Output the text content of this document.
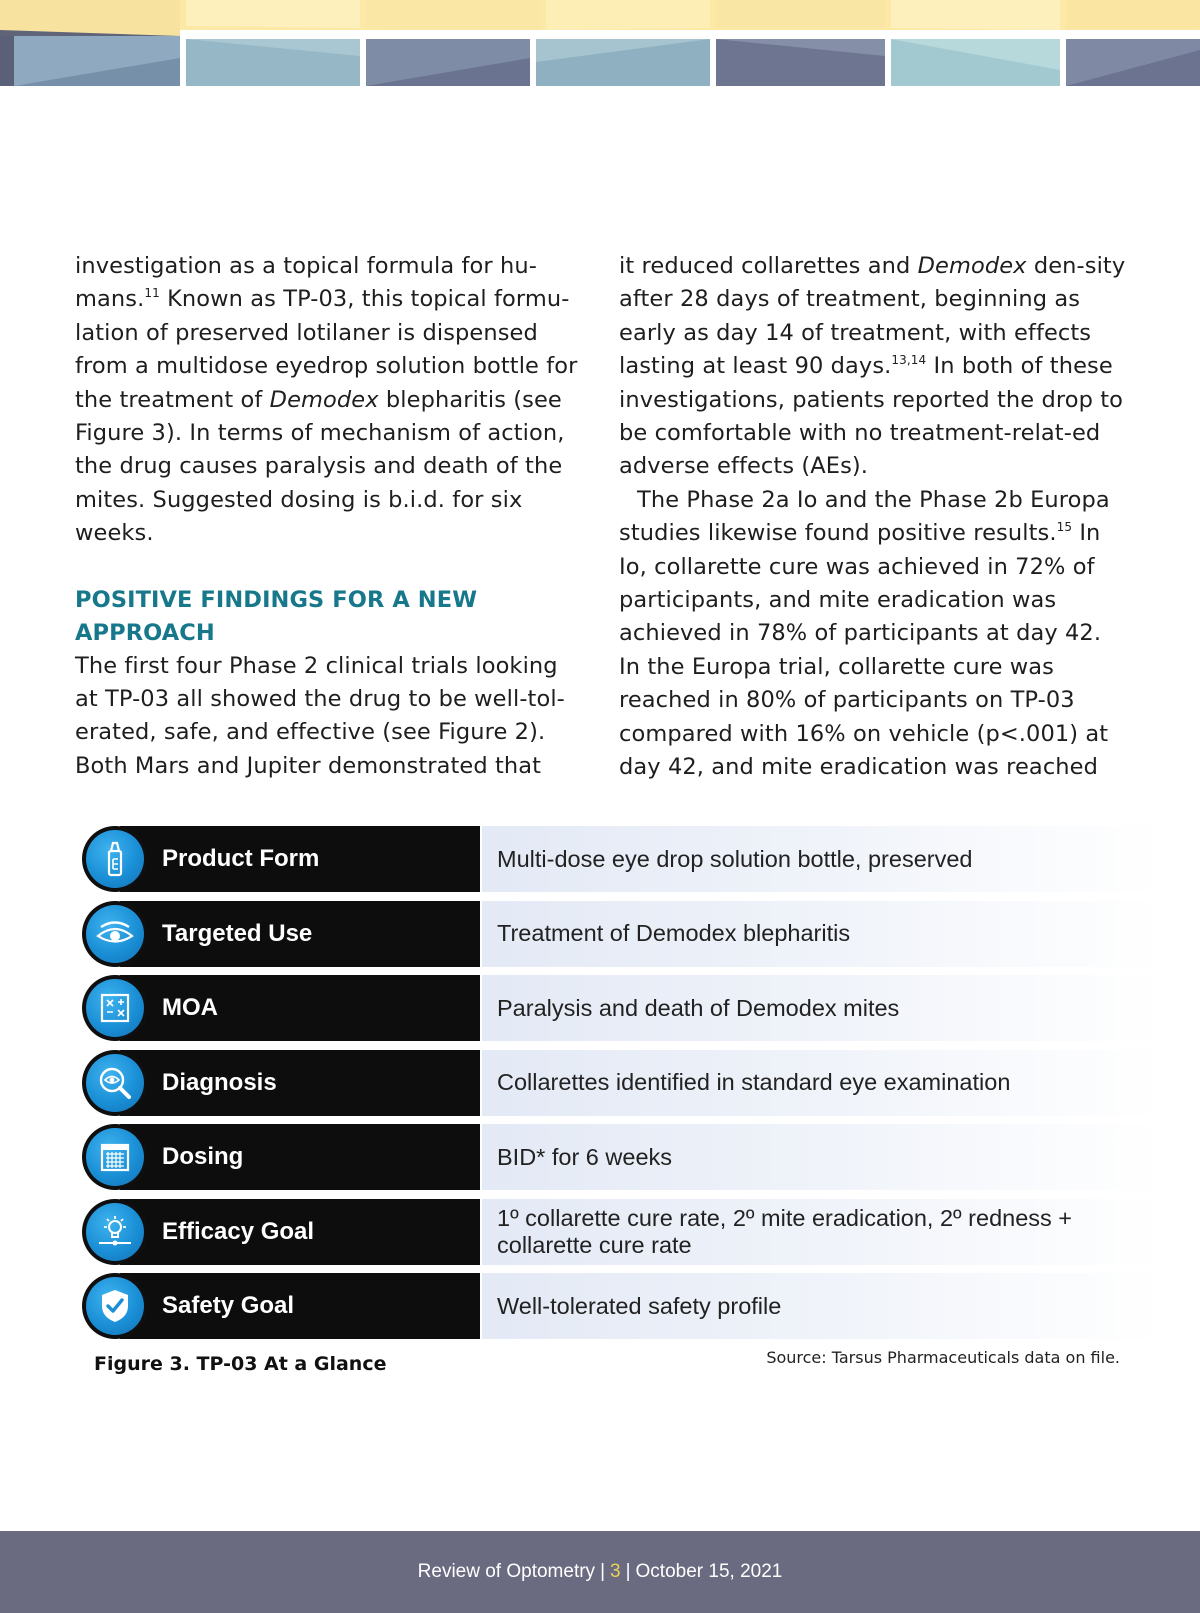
investigation as a topical formula for hu-mans.$^{11}$ Known as TP-03, this topical formu-lation of preserved lotilaner is dispensed from a multidose eyedrop solution bottle for the treatment of Demodex blepharitis (see Figure 3). In terms of mechanism of action, the drug causes paralysis and death of the mites. Suggested dosing is b.i.d. for six weeks.

POSITIVE FINDINGS FOR A NEW APPROACH

The first four Phase 2 clinical trials looking at TP-03 all showed the drug to be well-tol-erated, safe, and effective (see Figure 2). Both Mars and Jupiter demonstrated that

it reduced collarettes and Demodex den-sity after 28 days of treatment, beginning as early as day 14 of treatment, with effects lasting at least 90 days.$^{13,14}$ In both of these investigations, patients reported the drop to be comfortable with no treatment-relat-ed adverse effects (AEs).

The Phase 2a Io and the Phase 2b Europa studies likewise found positive results.$^{15}$ In Io, collarette cure was achieved in 72% of participants, and mite eradication was achieved in 78% of participants at day 42. In the Europa trial, collarette cure was reached in 80% of participants on TP-03 compared with 16% on vehicle (p<.001) at day 42, and mite eradication was reached

Product Form	Multi-dose eye drop solution bottle, preserved
Targeted Use	Treatment of Demodex blepharitis
MOA	Paralysis and death of Demodex mites
Diagnosis	Collarettes identified in standard eye examination
Dosing	BID* for 6 weeks
Efficacy Goal	1º collarette cure rate, 2º mite eradication, 2º redness + collarette cure rate
Safety Goal	Well-tolerated safety profile
Figure 3. TP-03 At a Glance	Source: Tarsus Pharmaceuticals data on file.
Review of Optometry | 3 | October 15, 2021
